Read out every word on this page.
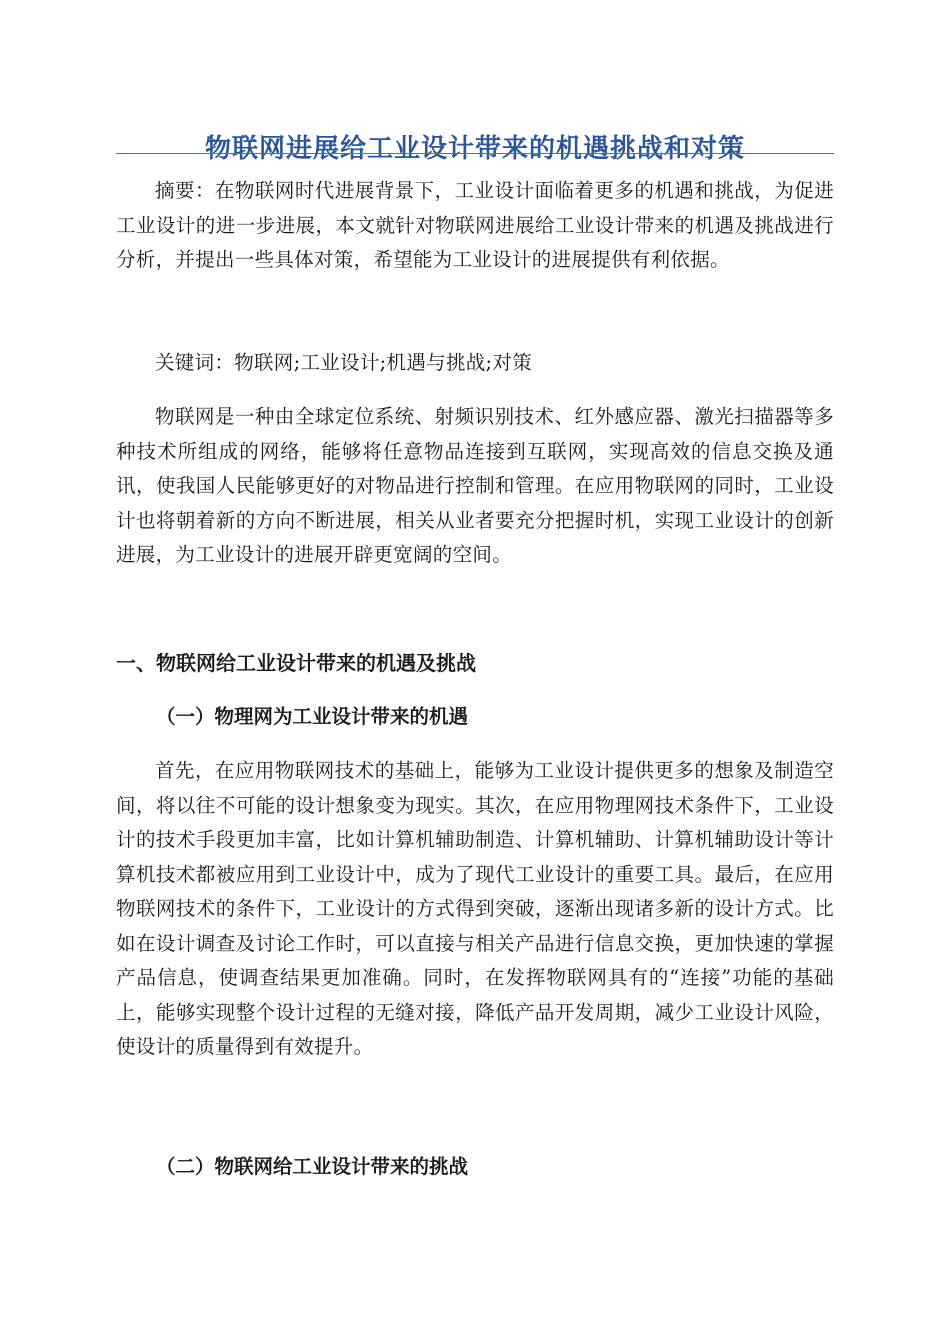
物联网进展给工业设计带来的机遇挑战和对策

摘要：在物联网时代进展背景下，工业设计面临着更多的机遇和挑战，为促进工业设计的进一步进展，本文就针对物联网进展给工业设计带来的机遇及挑战进行分析，并提出一些具体对策，希望能为工业设计的进展提供有利依据。

关键词：物联网;工业设计;机遇与挑战;对策

物联网是一种由全球定位系统、射频识别技术、红外感应器、激光扫描器等多种技术所组成的网络，能够将任意物品连接到互联网，实现高效的信息交换及通讯，使我国人民能够更好的对物品进行控制和管理。在应用物联网的同时，工业设计也将朝着新的方向不断进展，相关从业者要充分把握时机，实现工业设计的创新进展，为工业设计的进展开辟更宽阔的空间。

一、物联网给工业设计带来的机遇及挑战
（一）物理网为工业设计带来的机遇

首先，在应用物联网技术的基础上，能够为工业设计提供更多的想象及制造空间，将以往不可能的设计想象变为现实。其次，在应用物理网技术条件下，工业设计的技术手段更加丰富，比如计算机辅助制造、计算机辅助、计算机辅助设计等计算机技术都被应用到工业设计中，成为了现代工业设计的重要工具。最后，在应用物联网技术的条件下，工业设计的方式得到突破，逐渐出现诸多新的设计方式。比如在设计调查及讨论工作时，可以直接与相关产品进行信息交换，更加快速的掌握产品信息，使调查结果更加准确。同时，在发挥物联网具有的“连接”功能的基础上，能够实现整个设计过程的无缝对接，降低产品开发周期，减少工业设计风险，使设计的质量得到有效提升。

（二）物联网给工业设计带来的挑战
